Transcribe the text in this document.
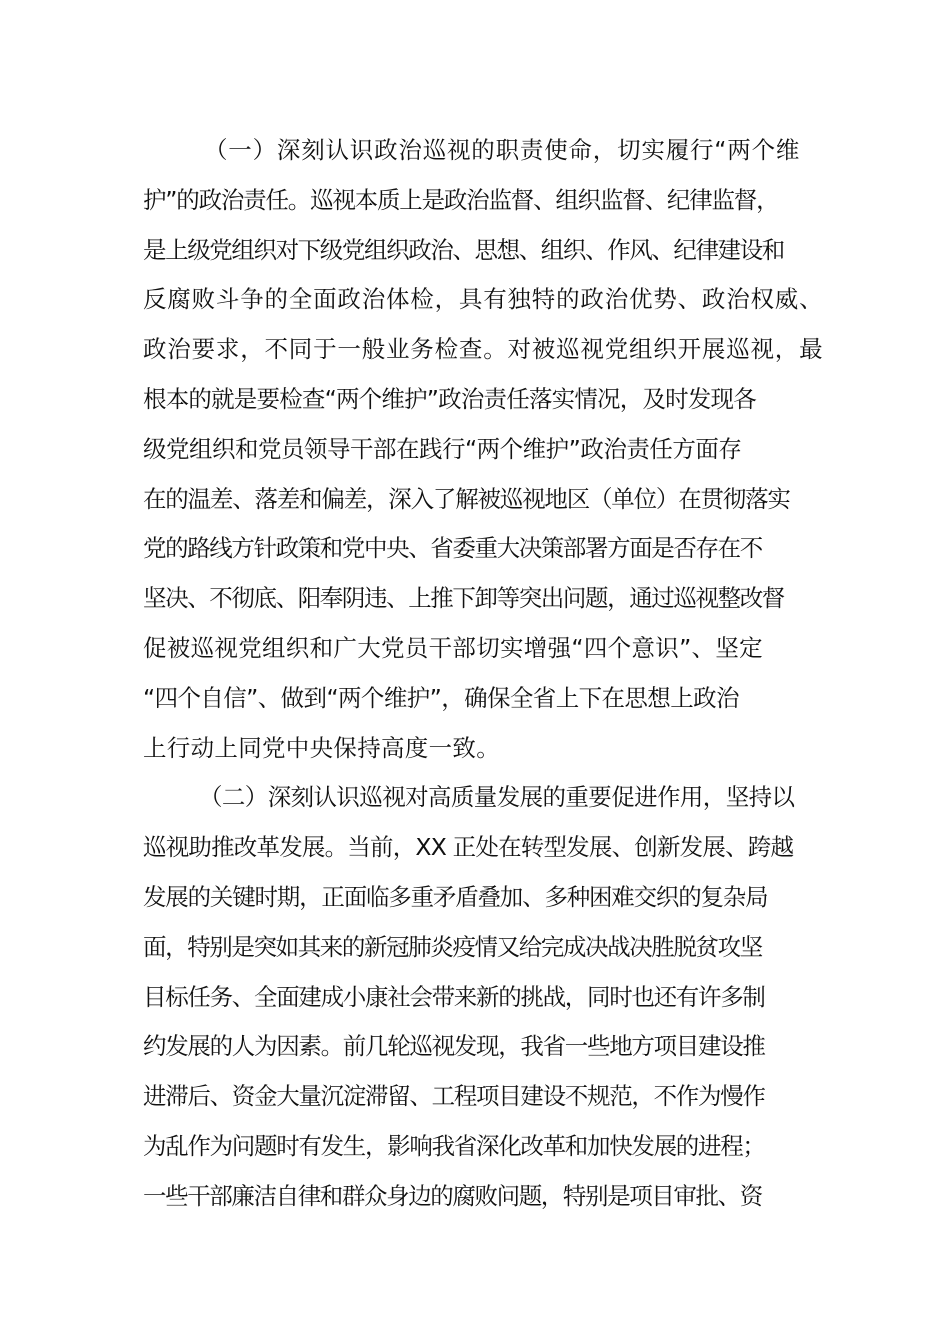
（一）深刻认识政治巡视的职责使命，切实履行“两个维
护”的政治责任。巡视本质上是政治监督、组织监督、纪律监督，
是上级党组织对下级党组织政治、思想、组织、作风、纪律建设和
反腐败斗争的全面政治体检，具有独特的政治优势、政治权威、
政治要求，不同于一般业务检查。对被巡视党组织开展巡视，最
根本的就是要检查“两个维护”政治责任落实情况，及时发现各
级党组织和党员领导干部在践行“两个维护”政治责任方面存
在的温差、落差和偏差，深入了解被巡视地区（单位）在贯彻落实
党的路线方针政策和党中央、省委重大决策部署方面是否存在不
坚决、不彻底、阳奉阴违、上推下卸等突出问题，通过巡视整改督
促被巡视党组织和广大党员干部切实增强“四个意识”、坚定
“四个自信”、做到“两个维护”，确保全省上下在思想上政治
上行动上同党中央保持高度一致。
（二）深刻认识巡视对高质量发展的重要促进作用，坚持以
巡视助推改革发展。当前，XX 正处在转型发展、创新发展、跨越
发展的关键时期，正面临多重矛盾叠加、多种困难交织的复杂局
面，特别是突如其来的新冠肺炎疫情又给完成决战决胜脱贫攻坚
目标任务、全面建成小康社会带来新的挑战，同时也还有许多制
约发展的人为因素。前几轮巡视发现，我省一些地方项目建设推
进滞后、资金大量沉淀滞留、工程项目建设不规范，不作为慢作
为乱作为问题时有发生，影响我省深化改革和加快发展的进程；
一些干部廉洁自律和群众身边的腐败问题，特别是项目审批、资
